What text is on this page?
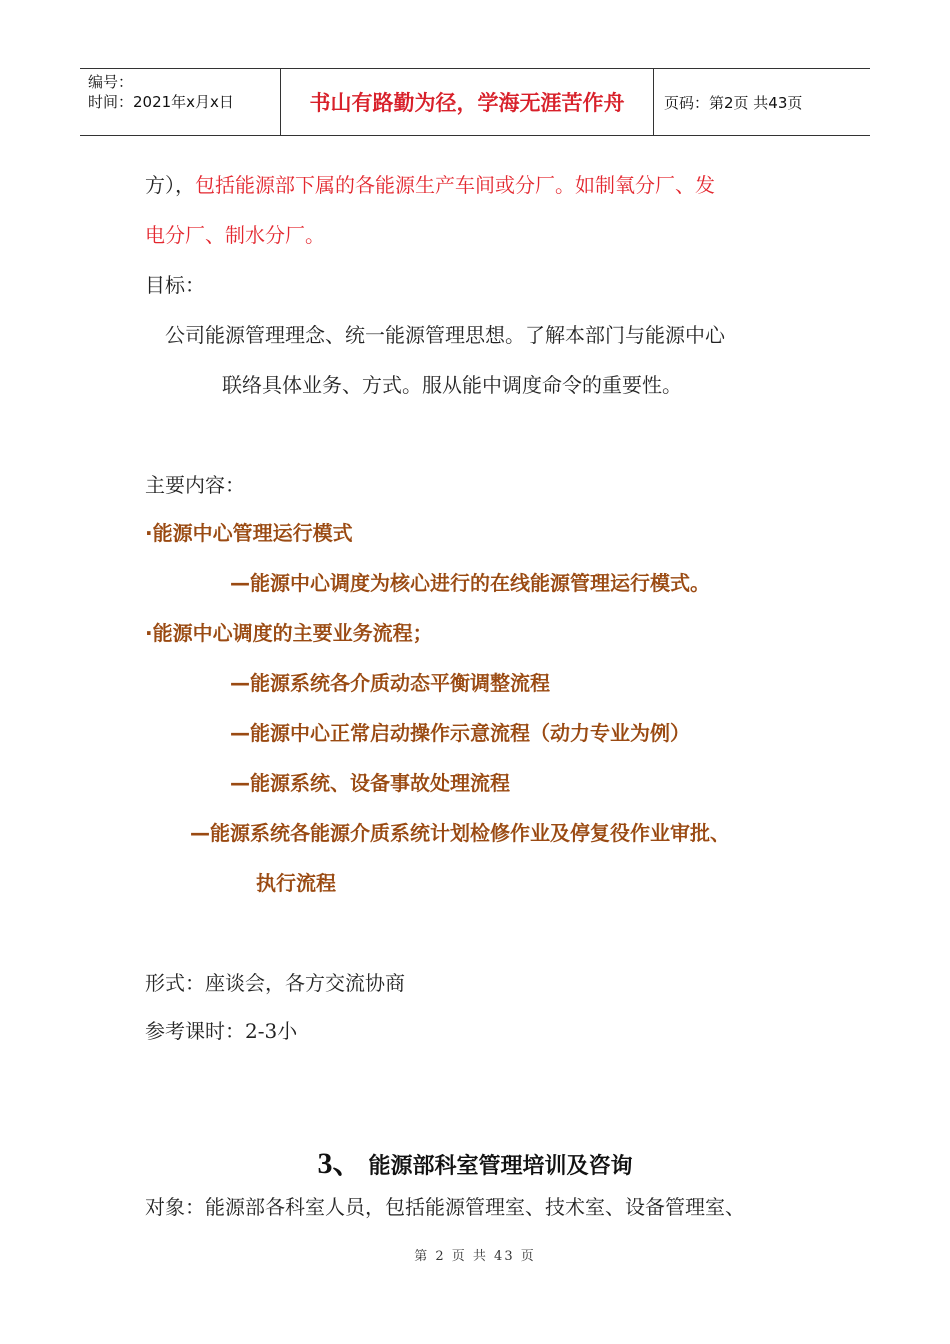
编号：
时间：2021年x月x日	书山有路勤为径，学海无涯苦作舟	页码：第2页 共43页
方），包括能源部下属的各能源生产车间或分厂。如制氧分厂、发
电分厂、制水分厂。
目标：
公司能源管理理念、统一能源管理思想。了解本部门与能源中心
联络具体业务、方式。服从能中调度命令的重要性。
主要内容：
·能源中心管理运行模式
—能源中心调度为核心进行的在线能源管理运行模式。
·能源中心调度的主要业务流程；
—能源系统各介质动态平衡调整流程
—能源中心正常启动操作示意流程（动力专业为例）
—能源系统、设备事故处理流程
—能源系统各能源介质系统计划检修作业及停复役作业审批、
执行流程
形式：座谈会，各方交流协商
参考课时：2-3小
3、 能源部科室管理培训及咨询
对象：能源部各科室人员，包括能源管理室、技术室、设备管理室、
第 2 页 共 43 页
